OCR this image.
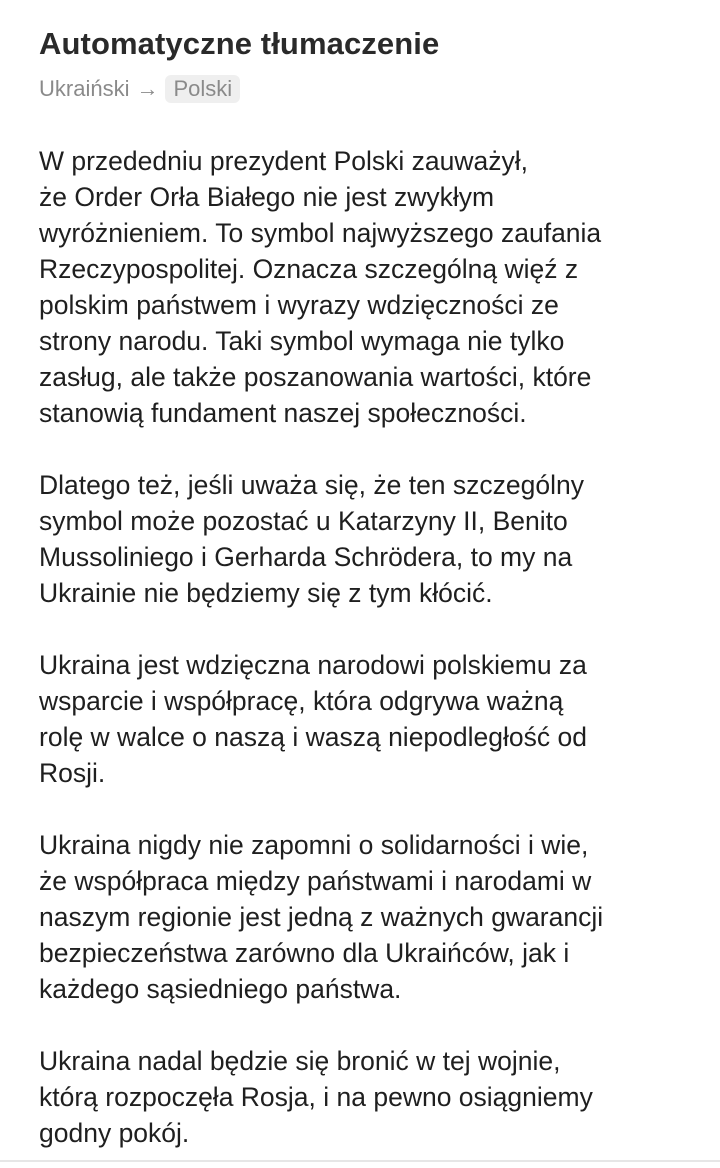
Automatyczne tłumaczenie
Ukraiński → Polski

W przededniu prezydent Polski zauważył,
że Order Orła Białego nie jest zwykłym
wyróżnieniem. To symbol najwyższego zaufania
Rzeczypospolitej. Oznacza szczególną więź z
polskim państwem i wyrazy wdzięczności ze
strony narodu. Taki symbol wymaga nie tylko
zasług, ale także poszanowania wartości, które
stanowią fundament naszej społeczności.

Dlatego też, jeśli uważa się, że ten szczególny
symbol może pozostać u Katarzyny II, Benito
Mussoliniego i Gerharda Schrödera, to my na
Ukrainie nie będziemy się z tym kłócić.

Ukraina jest wdzięczna narodowi polskiemu za
wsparcie i współpracę, która odgrywa ważną
rolę w walce o naszą i waszą niepodległość od
Rosji.

Ukraina nigdy nie zapomni o solidarności i wie,
że współpraca między państwami i narodami w
naszym regionie jest jedną z ważnych gwarancji
bezpieczeństwa zarówno dla Ukraińców, jak i
każdego sąsiedniego państwa.

Ukraina nadal będzie się bronić w tej wojnie,
którą rozpoczęła Rosja, i na pewno osiągniemy
godny pokój.
